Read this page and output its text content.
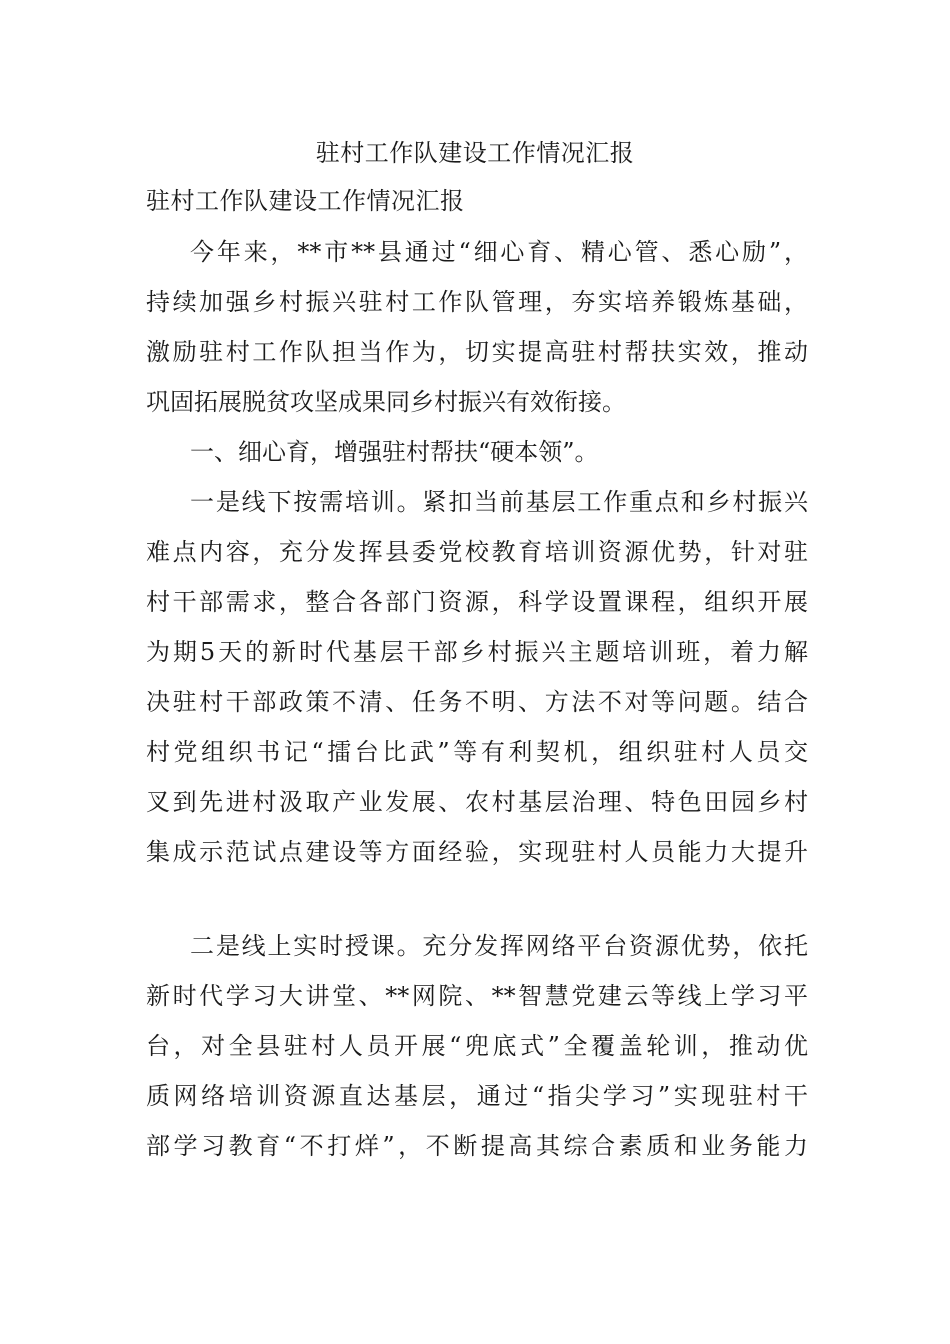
驻村工作队建设工作情况汇报
驻村工作队建设工作情况汇报
今年来，**市**县通过“细心育、精心管、悉心励”，
持续加强乡村振兴驻村工作队管理，夯实培养锻炼基础，
激励驻村工作队担当作为，切实提高驻村帮扶实效，推动
巩固拓展脱贫攻坚成果同乡村振兴有效衔接。
一、细心育，增强驻村帮扶“硬本领”。
一是线下按需培训。紧扣当前基层工作重点和乡村振兴
难点内容，充分发挥县委党校教育培训资源优势，针对驻
村干部需求，整合各部门资源，科学设置课程，组织开展
为期5天的新时代基层干部乡村振兴主题培训班，着力解
决驻村干部政策不清、任务不明、方法不对等问题。结合
村党组织书记“擂台比武”等有利契机，组织驻村人员交
叉到先进村汲取产业发展、农村基层治理、特色田园乡村
集成示范试点建设等方面经验，实现驻村人员能力大提升
二是线上实时授课。充分发挥网络平台资源优势，依托
新时代学习大讲堂、**网院、**智慧党建云等线上学习平
台，对全县驻村人员开展“兜底式”全覆盖轮训，推动优
质网络培训资源直达基层，通过“指尖学习”实现驻村干
部学习教育“不打烊”，不断提高其综合素质和业务能力
